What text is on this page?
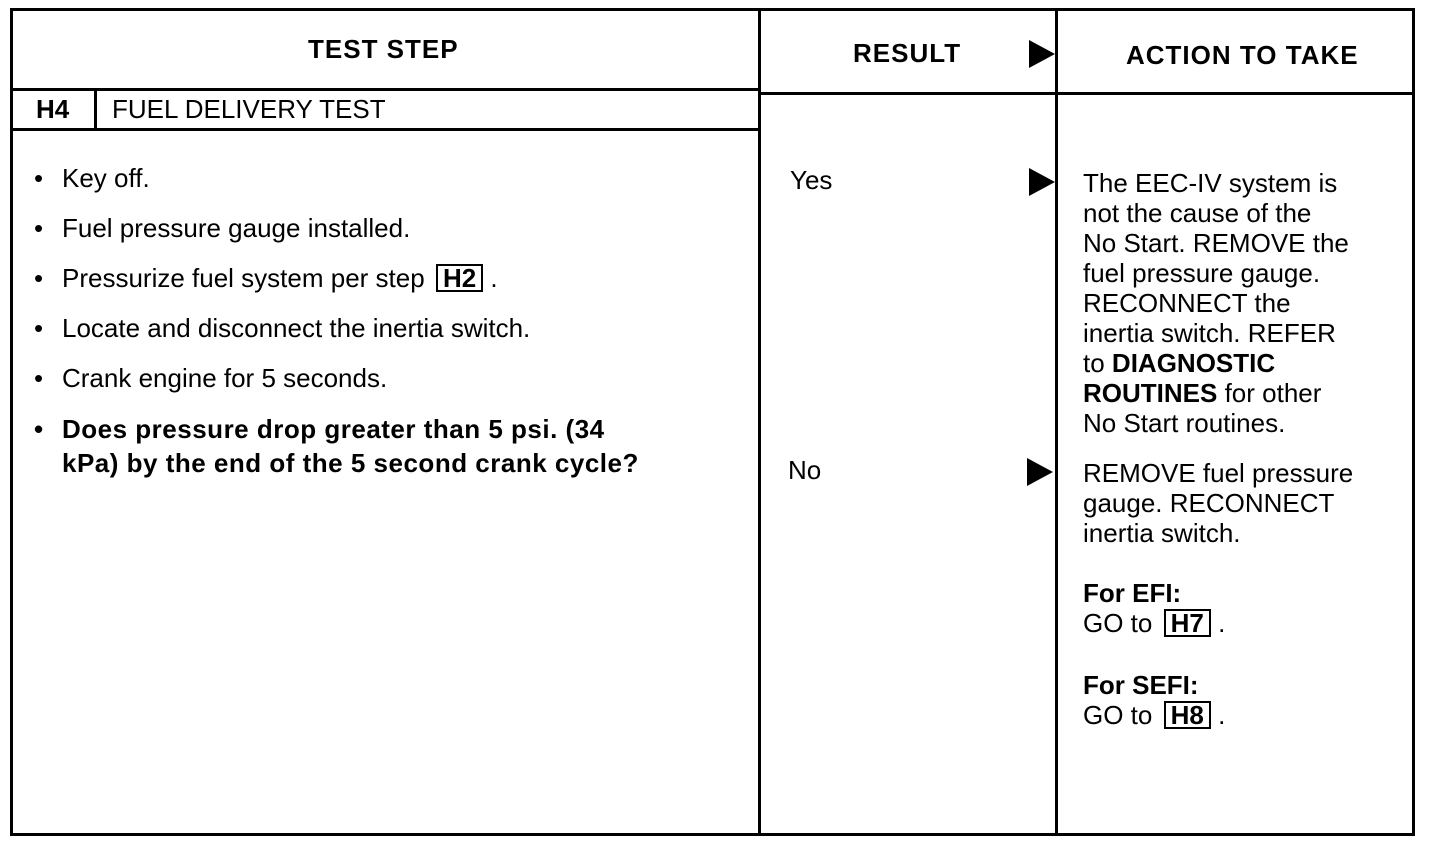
TEST STEP	RESULT	ACTION TO TAKE
H4 FUEL DELIVERY TEST
• Key off.
• Fuel pressure gauge installed.
• Pressurize fuel system per step H2 .
• Locate and disconnect the inertia switch.
• Crank engine for 5 seconds.
• Does pressure drop greater than 5 psi. (34
kPa) by the end of the 5 second crank cycle?
Yes
No
The EEC-IV system is
not the cause of the
No Start. REMOVE the
fuel pressure gauge.
RECONNECT the
inertia switch. REFER
to DIAGNOSTIC
ROUTINES for other
No Start routines.
REMOVE fuel pressure
gauge. RECONNECT
inertia switch.
For EFI:
GO to H7 .
For SEFI:
GO to H8 .
